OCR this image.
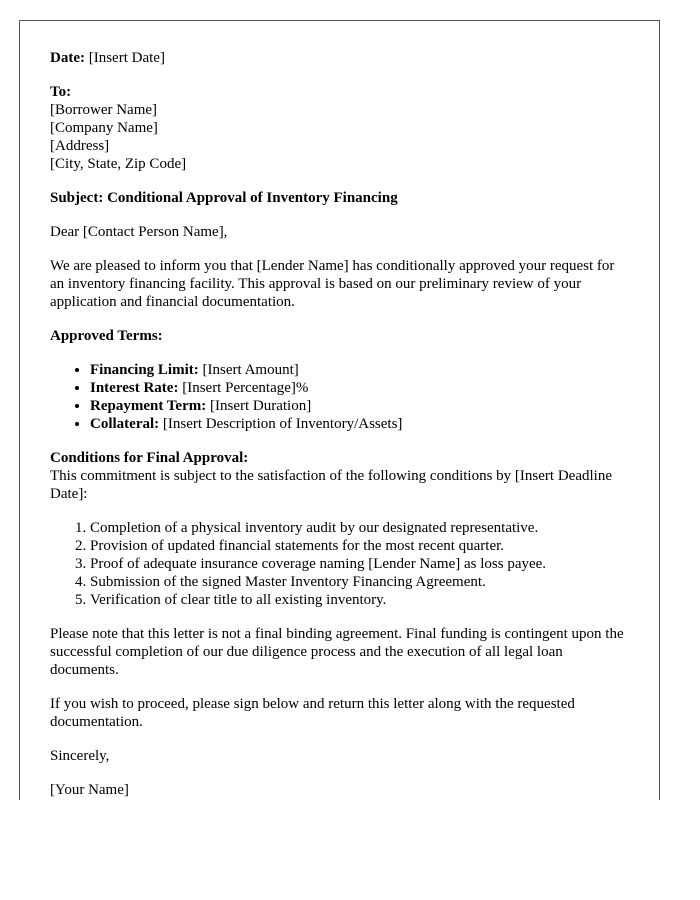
Date: [Insert Date]

To:

[Borrower Name]

[Company Name]

[Address]

[City, State, Zip Code]

Subject: Conditional Approval of Inventory Financing

Dear [Contact Person Name],

We are pleased to inform you that [Lender Name] has conditionally approved your request for an inventory financing facility. This approval is based on our preliminary review of your application and financial documentation.

Approved Terms:

• Financing Limit: [Insert Amount]
• Interest Rate: [Insert Percentage]%
• Repayment Term: [Insert Duration]
• Collateral: [Insert Description of Inventory/Assets]

Conditions for Final Approval:

This commitment is subject to the satisfaction of the following conditions by [Insert Deadline Date]:

1. Completion of a physical inventory audit by our designated representative.
2. Provision of updated financial statements for the most recent quarter.
3. Proof of adequate insurance coverage naming [Lender Name] as loss payee.
4. Submission of the signed Master Inventory Financing Agreement.
5. Verification of clear title to all existing inventory.

Please note that this letter is not a final binding agreement. Final funding is contingent upon the successful completion of our due diligence process and the execution of all legal loan documents.

If you wish to proceed, please sign below and return this letter along with the requested documentation.

Sincerely,

[Your Name]
